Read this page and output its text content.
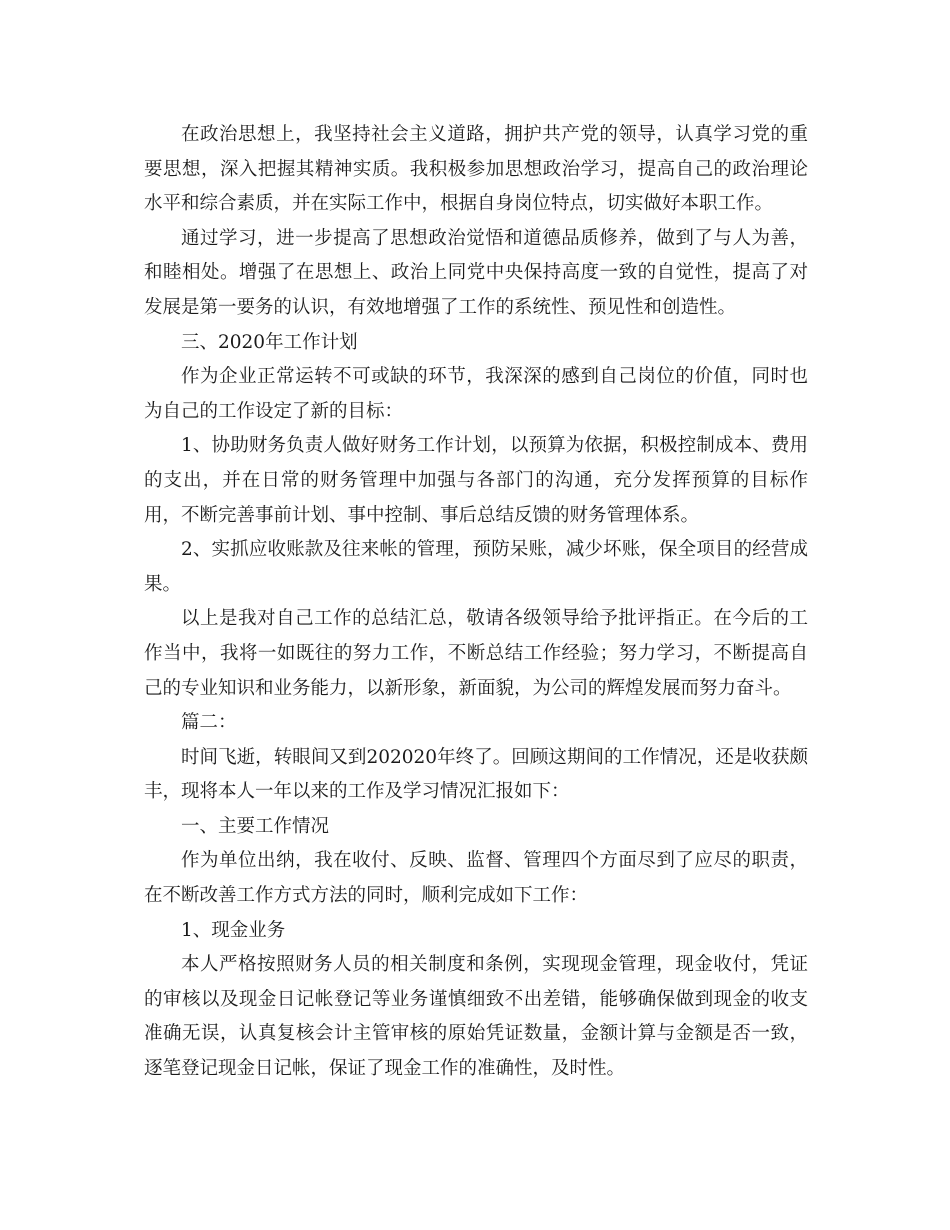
在政治思想上，我坚持社会主义道路，拥护共产党的领导，认真学习党的重要思想，深入把握其精神实质。我积极参加思想政治学习，提高自己的政治理论水平和综合素质，并在实际工作中，根据自身岗位特点，切实做好本职工作。

通过学习，进一步提高了思想政治觉悟和道德品质修养，做到了与人为善，和睦相处。增强了在思想上、政治上同党中央保持高度一致的自觉性，提高了对发展是第一要务的认识，有效地增强了工作的系统性、预见性和创造性。

三、2020年工作计划

作为企业正常运转不可或缺的环节，我深深的感到自己岗位的价值，同时也为自己的工作设定了新的目标：

1、协助财务负责人做好财务工作计划，以预算为依据，积极控制成本、费用的支出，并在日常的财务管理中加强与各部门的沟通，充分发挥预算的目标作用，不断完善事前计划、事中控制、事后总结反馈的财务管理体系。

2、实抓应收账款及往来帐的管理，预防呆账，减少坏账，保全项目的经营成果。

以上是我对自己工作的总结汇总，敬请各级领导给予批评指正。在今后的工作当中，我将一如既往的努力工作，不断总结工作经验；努力学习，不断提高自己的专业知识和业务能力，以新形象，新面貌，为公司的辉煌发展而努力奋斗。

篇二：

时间飞逝，转眼间又到202020年终了。回顾这期间的工作情况，还是收获颇丰，现将本人一年以来的工作及学习情况汇报如下：

一、主要工作情况

作为单位出纳，我在收付、反映、监督、管理四个方面尽到了应尽的职责，在不断改善工作方式方法的同时，顺利完成如下工作：

1、现金业务

本人严格按照财务人员的相关制度和条例，实现现金管理，现金收付，凭证的审核以及现金日记帐登记等业务谨慎细致不出差错，能够确保做到现金的收支准确无误，认真复核会计主管审核的原始凭证数量，金额计算与金额是否一致，逐笔登记现金日记帐，保证了现金工作的准确性，及时性。
